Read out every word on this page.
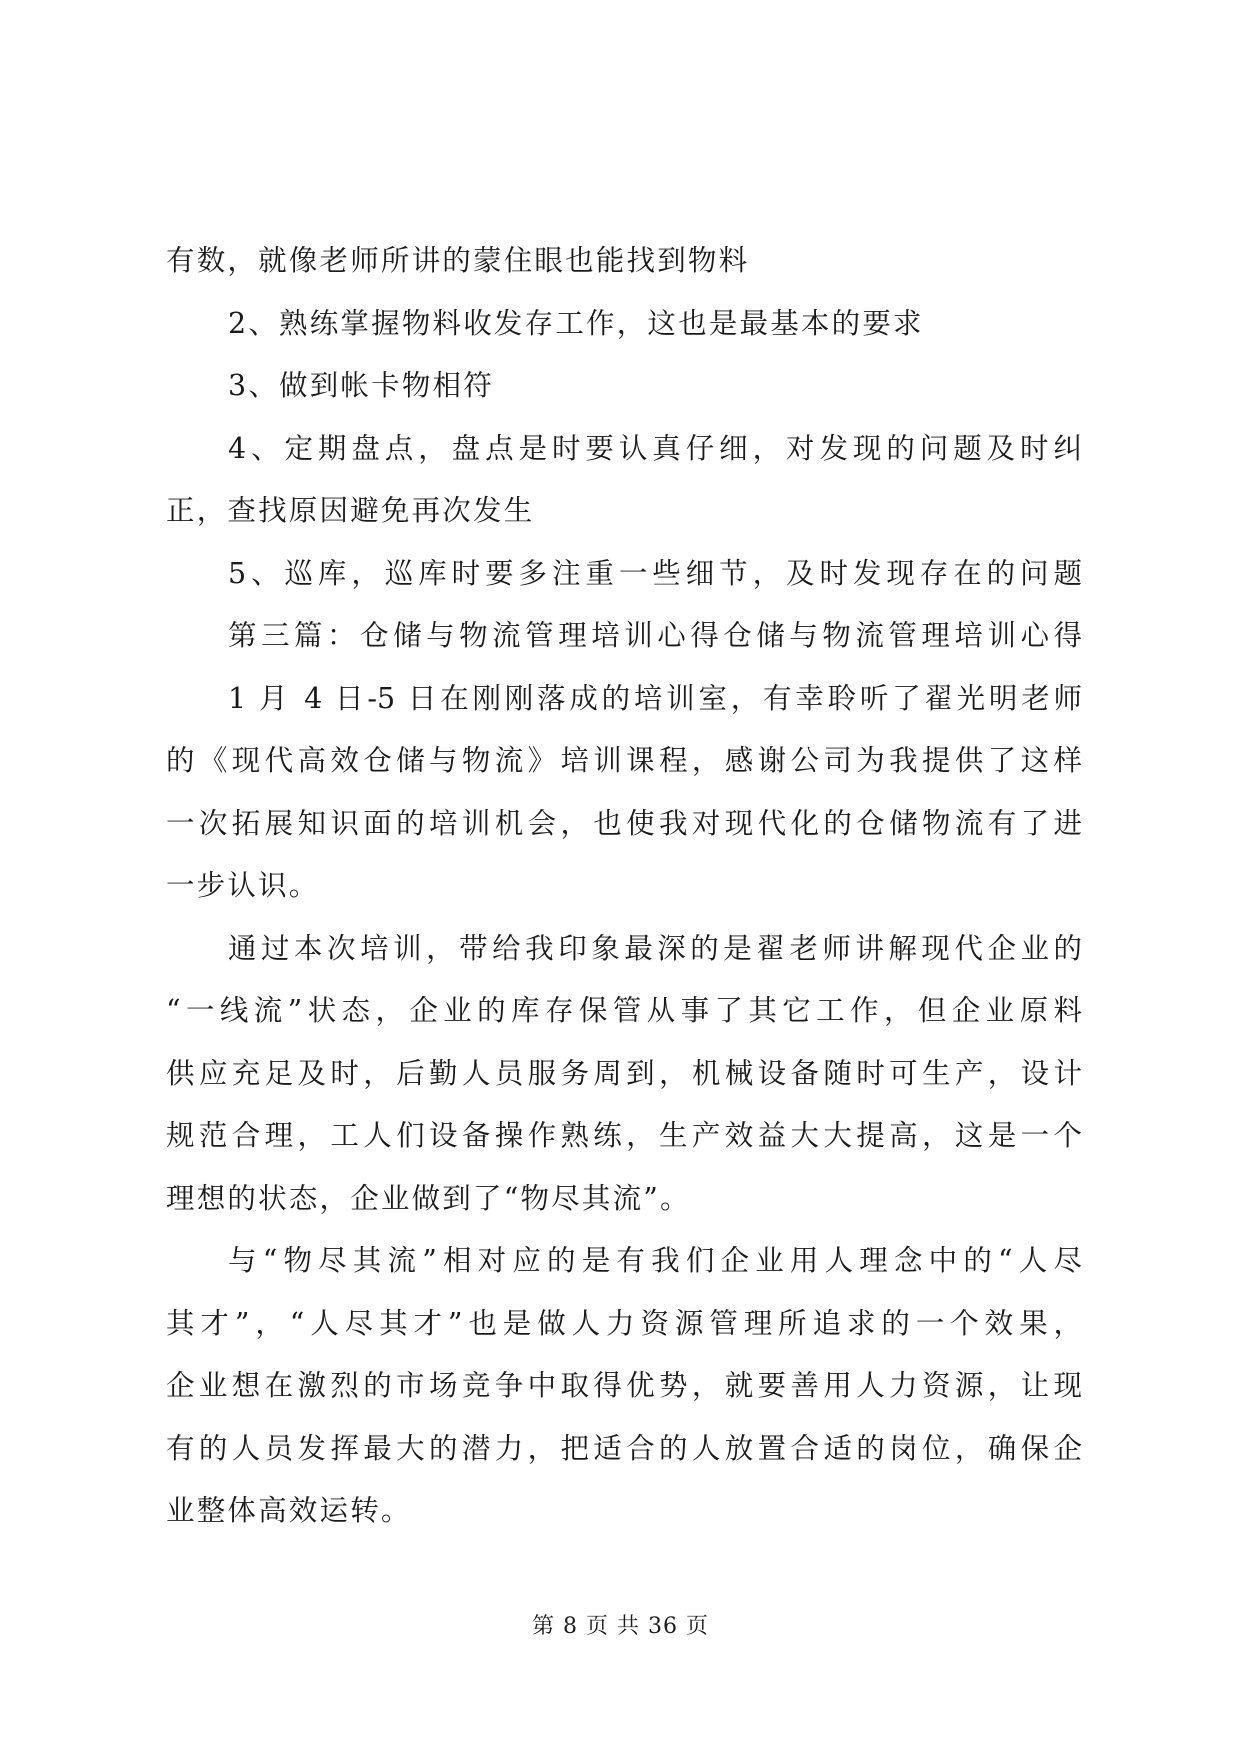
有数，就像老师所讲的蒙住眼也能找到物料
2、熟练掌握物料收发存工作，这也是最基本的要求
3、做到帐卡物相符
4、定期盘点，盘点是时要认真仔细，对发现的问题及时纠
正，查找原因避免再次发生
5、巡库，巡库时要多注重一些细节，及时发现存在的问题
第三篇：仓储与物流管理培训心得仓储与物流管理培训心得
1 月 4 日-5 日在刚刚落成的培训室，有幸聆听了翟光明老师
的《现代高效仓储与物流》培训课程，感谢公司为我提供了这样
一次拓展知识面的培训机会，也使我对现代化的仓储物流有了进
一步认识。
通过本次培训，带给我印象最深的是翟老师讲解现代企业的
“一线流”状态，企业的库存保管从事了其它工作，但企业原料
供应充足及时，后勤人员服务周到，机械设备随时可生产，设计
规范合理，工人们设备操作熟练，生产效益大大提高，这是一个
理想的状态，企业做到了“物尽其流”。
与“物尽其流”相对应的是有我们企业用人理念中的“人尽
其才”，“人尽其才”也是做人力资源管理所追求的一个效果，
企业想在激烈的市场竞争中取得优势，就要善用人力资源，让现
有的人员发挥最大的潜力，把适合的人放置合适的岗位，确保企
业整体高效运转。
第 8 页 共 36 页
